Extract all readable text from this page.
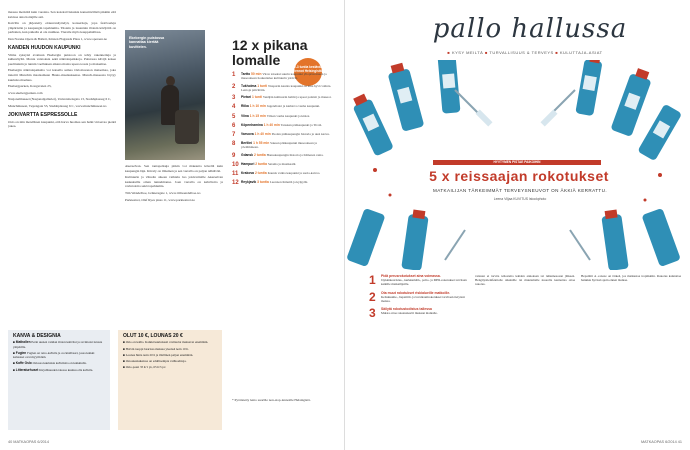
maassa merkittä kuin vuosina. Sen kokoisil lukuisia kansainvälistä pikkiin että kuvissa aina hoitajille asti.

Kaivilla on järjestetty elokuvanäyttelyä, konsertteja, jopa festivaaleja ympäristön ja kaupungin tapahtumia. Tiistain ja lauantain iltaisin kävijöitä on parhaiten, kun paikalla ei ole ruuhkaa. Vieraile myös kauppahallissa.

Den Norske Opera & Ballett, Kirsten Flagstads Plass 1, www.operaen.no

KANDEN HUUDON KAUPUNKI

Viime syksynä avattuun Ekebergin puistoon on tehty rakennettuja ja kulkuväyliä. Monia veistoksia sekä näköalapaikkoja. Puistossa kävijä kokee puolitunnin ja tunnin vaelluksen aikana monta upeaa teosta ja maisemaa.

Ekebergin näköalapaikalta voi katsella samaa Oslonvuonon maisemaa, joka innoitti Munchin maalaamaan Huuto-maalauksensa. Munch-museosta löytyy kuuluisa maalaus.

Ekebergparken, Kongsveien 23,

www.ekebergparken.com

Nasjonalmuseet (Nasjonalgalleriet), Universitetsgata 13, Stadshplassag 6 C,

Munchmuseet, Tøyengata 53, Stadshplassag 6 C, www.munchmuseet.no

JOKIVARTTA ESPRESSOLLE

Oslo on niin merellinen kaupunki, että harva huomaa sen halki virtaavaa pientä jokea.

Ekebergin puistossa kannattaa kiertää kuvittelen.

Akerselvan. Sen rantapolkuja pitkin voi maksutta kävellä kuin kaupungin läpi. Kävely on ilmainen ja sen varrella on paljon nähtävää.

Kulttuurin ja vihreän alueen vaihtelu luo jokivartisille Akerselvan keskuksille oman tunnelmansa. Joen varrella on kahviloita ja ravintoloita sekä tapahtumia.

Tim Wendelboe, Grünersgate 1, www.timwendelboe.no

Parkteatret, Olaf Ryes plass 11, www.parkteatret.no

12 x pikana lomalle	2-3 tuntia kestävät lennot Helsingistä
1	Tartto 50 min Viron toiseksi suurin kaupunki ylioptistoineen ja museoineen houkuttelee kulttuurin ystäviä.
2	Tukholma 1 tunti Naapurin kaunis kaupunki on aina hyvä valinta. Lentoja päivittäin.
3	Pietari 1 tunti Venäjän kulttuurin helmi ja upeat palatsit ja museot.
4	Riika 1 h 10 min Jugendtalot ja kiehtova vanha kaupunki.
5	Viina 1 h 15 min Vilnan vanha kaupunki ja kirkot.
6	Köpenhamina 1 h 40 min Tanskan pääkaupunki ja Tivoli.
7	Varsova 1 h 40 min Puolan pääkaupungin historia ja uusi kasvu.
8	Berliini 1 h 55 min Saksan pääkaupunki museoineen ja yöelämineen.
9	Gdansk 2 tuntia Hansakaupungin historia ja Itämeren ranta.
10 Hampuri 2 tuntia Satama ja musikaalit.
11 Krakova 2 tuntia Kaunis vanha kaupunki ja suola-kaivos.
12 Reykjavik 3 tuntia Luonnon ihmeitä ja kylpylät.
KANVA & DESIGNIA
■ Mathallen Perin uusien vanhan Oslon kahvilat ja ravintolat tutusta ympärille.
■ Fuglen Fuglen on retro-kahvila ja cocktailbaari, jossa kaikki kalusteet ovat myytävänä.
■ Kaffe Oslo Oslossa kuuluisia kahviloita on kaikkialla.
■ Litteraturhuset Kirjallisuuden talossa kuuluu olla kahvila.
OLUT 10 €, LOUNAS 20 €
■ Oslo on kallis. Kaikki kuuluisasti ravintolat maksavat enemmän.
■ Halvin tuoppi baarissa maksaa yleensä noin 10 €.
■ Lounas hinta noin 20 € ja illallinen paljon enemmän.
■ Ostoskeskuksissa on edullisempia vaihtoehtoja.
■ Oslo-passi 35 €/1 pv, 65 €/3 pv.

* Pyöristetty lento suorille non-stop-lennoille Helsingistä.

40 MATKAOPAS 6/2014
pallo hallussa
■ KYSY MEILTÄ ■ TURVALLISUUS & TERVEYS ■ KULUTTAJA-ASIAT
HYVTYMEN PISTAE PAIKOIHIN
5 x reissaajan rokotukset
MATKAILIJAN TÄRKEIMMÄT TERVEYSNEUVOT ON ÄKKIÄ KERRATTU.
Leena Viljaa KUVITUS Istockphoto
1	Pidä perusrokotukset aina voimassa.
Jäykkäkouristus-, kurkkumätä-, polio- ja MPR-rokotukset tarvitaan kaikille matkailijoille.
2	Ota muut rokotukset riskialueille matkoille.
Keltakuume-, hepatiitti- ja lavantautirokotukset tarvitaan tietyissä maissa.
3	Säilytä rokotustodistus tallessa
Muista ottaa rokotuskortti mukaan matkalle.

vantaan ei tarvita tehosteita kahden annoksen tai tuhannesosan jälkeen. Hengitystieinfektiolle aikuisille tai muutamalle nuorelle kannattaa ottaa rokotus.

Hepatiitti A -rokote on tärkeä, jos matkustaa tropiikkiin. Rokotus kannattaa hankkia hyvissä ajoin ennen matkaa.

MATKAOPAS 6/2014 41
